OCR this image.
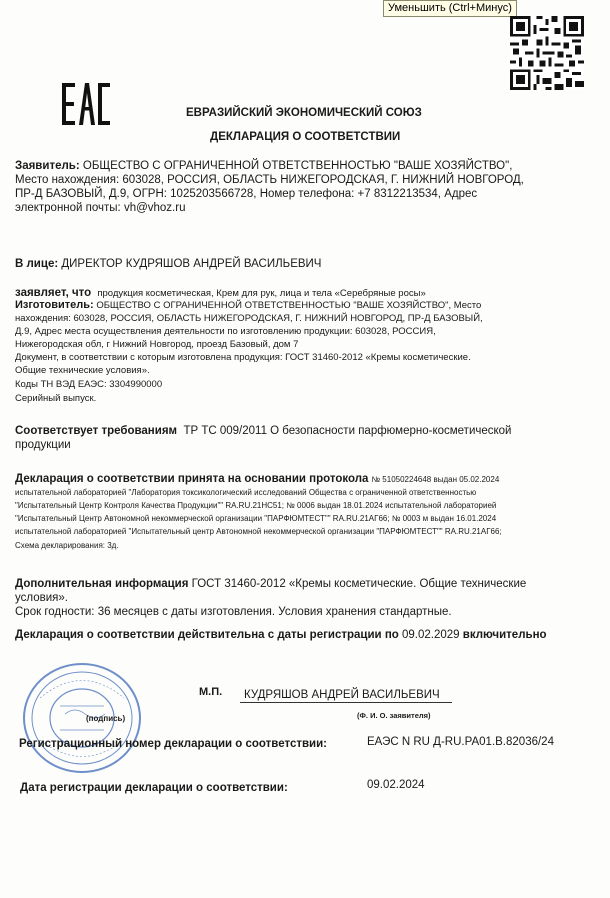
Уменьшить (Ctrl+Минус)
ЕВРАЗИЙСКИЙ ЭКОНОМИЧЕСКИЙ СОЮЗ
ДЕКЛАРАЦИЯ О СООТВЕТСТВИИ
Заявитель: ОБЩЕСТВО С ОГРАНИЧЕННОЙ ОТВЕТСТВЕННОСТЬЮ "ВАШЕ ХОЗЯЙСТВО",
Место нахождения: 603028, РОССИЯ, ОБЛАСТЬ НИЖЕГОРОДСКАЯ, Г. НИЖНИЙ НОВГОРОД,
ПР-Д БАЗОВЫЙ, Д.9, ОГРН: 1025203566728, Номер телефона: +7 8312213534, Адрес
электронной почты: vh@vhoz.ru
В лице: ДИРЕКТОР КУДРЯШОВ АНДРЕЙ ВАСИЛЬЕВИЧ
заявляет, что продукция косметическая, Крем для рук, лица и тела «Серебряные росы»
Изготовитель: ОБЩЕСТВО С ОГРАНИЧЕННОЙ ОТВЕТСТВЕННОСТЬЮ "ВАШЕ ХОЗЯЙСТВО", Место
нахождения: 603028, РОССИЯ, ОБЛАСТЬ НИЖЕГОРОДСКАЯ, Г. НИЖНИЙ НОВГОРОД, ПР-Д БАЗОВЫЙ,
Д.9, Адрес места осуществления деятельности по изготовлению продукции: 603028, РОССИЯ,
Нижегородская обл, г Нижний Новгород, проезд Базовый, дом 7
Документ, в соответствии с которым изготовлена продукция: ГОСТ 31460-2012 «Кремы косметические.
Общие технические условия».
Коды ТН ВЭД ЕАЭС: 3304990000
Серийный выпуск.
Соответствует требованиям ТР ТС 009/2011 О безопасности парфюмерно-косметической
продукции
Декларация о соответствии принята на основании протокола № 51050224648 выдан 05.02.2024
испытательной лабораторией "Лаборатория токсикологический исследований Общества с ограниченной ответственностью
"Испытательный Центр Контроля Качества Продукции"" RA.RU.21НС51; № 0006 выдан 18.01.2024 испытательной лабораторией
"Испытательный Центр Автономной некоммерческой организации "ПАРФЮМТЕСТ"" RA.RU.21АГ66; № 0003 м выдан 16.01.2024
испытательной лабораторией "Испытательный центр Автономной некоммерческой организации "ПАРФЮМТЕСТ"" RA.RU.21АГ66;
Схема декларирования: 3д.
Дополнительная информация ГОСТ 31460-2012 «Кремы косметические. Общие технические
условия».
Срок годности: 36 месяцев с даты изготовления. Условия хранения стандартные.
Декларация о соответствии действительна с даты регистрации по 09.02.2029 включительно
М.П.
(подпись)
КУДРЯШОВ АНДРЕЙ ВАСИЛЬЕВИЧ
(Ф. И. О. заявителя)
Регистрационный номер декларации о соответствии:	ЕАЭС N RU Д-RU.РА01.В.82036/24
Дата регистрации декларации о соответствии:	09.02.2024
